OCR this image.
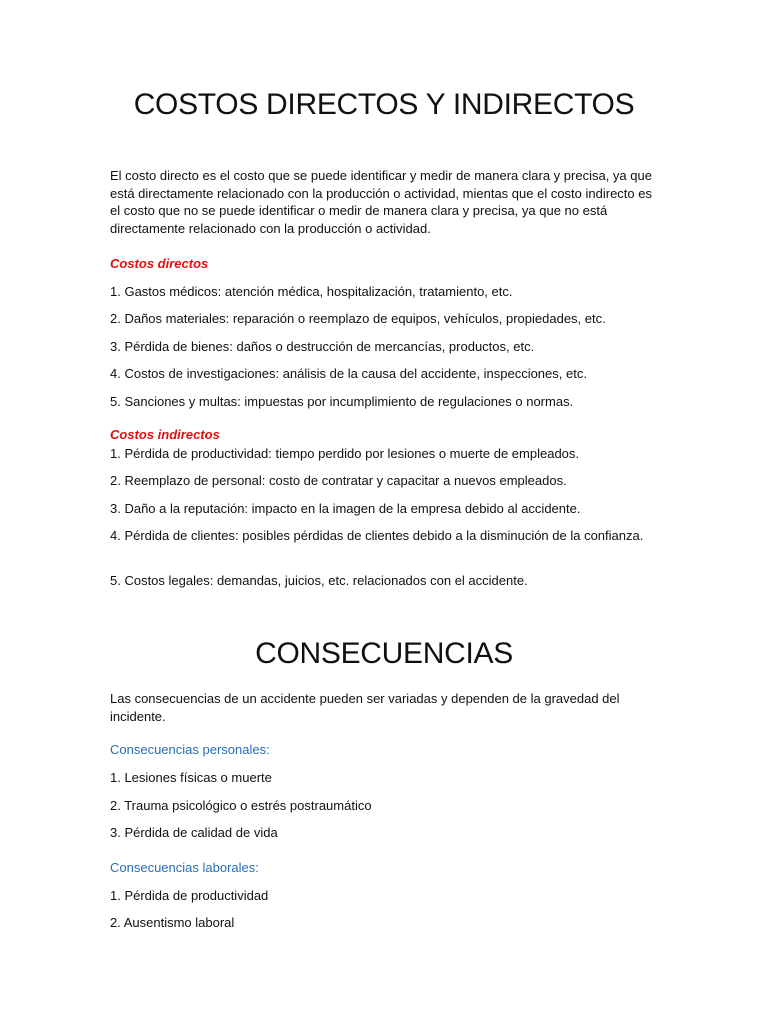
COSTOS DIRECTOS Y INDIRECTOS

El costo directo es el costo que se puede identificar y medir de manera clara y precisa, ya que está directamente relacionado con la producción o actividad, mientas que el costo indirecto es el costo que no se puede identificar o medir de manera clara y precisa, ya que no está directamente relacionado con la producción o actividad.

Costos directos

1. Gastos médicos: atención médica, hospitalización, tratamiento, etc.

2. Daños materiales: reparación o reemplazo de equipos, vehículos, propiedades, etc.

3. Pérdida de bienes: daños o destrucción de mercancías, productos, etc.

4. Costos de investigaciones: análisis de la causa del accidente, inspecciones, etc.

5. Sanciones y multas: impuestas por incumplimiento de regulaciones o normas.

Costos indirectos

1. Pérdida de productividad: tiempo perdido por lesiones o muerte de empleados.

2. Reemplazo de personal: costo de contratar y capacitar a nuevos empleados.

3. Daño a la reputación: impacto en la imagen de la empresa debido al accidente.

4. Pérdida de clientes: posibles pérdidas de clientes debido a la disminución de la confianza.

5. Costos legales: demandas, juicios, etc. relacionados con el accidente.

CONSECUENCIAS

Las consecuencias de un accidente pueden ser variadas y dependen de la gravedad del incidente.

Consecuencias personales:

1. Lesiones físicas o muerte

2. Trauma psicológico o estrés postraumático

3. Pérdida de calidad de vida

Consecuencias laborales:

1. Pérdida de productividad

2. Ausentismo laboral
